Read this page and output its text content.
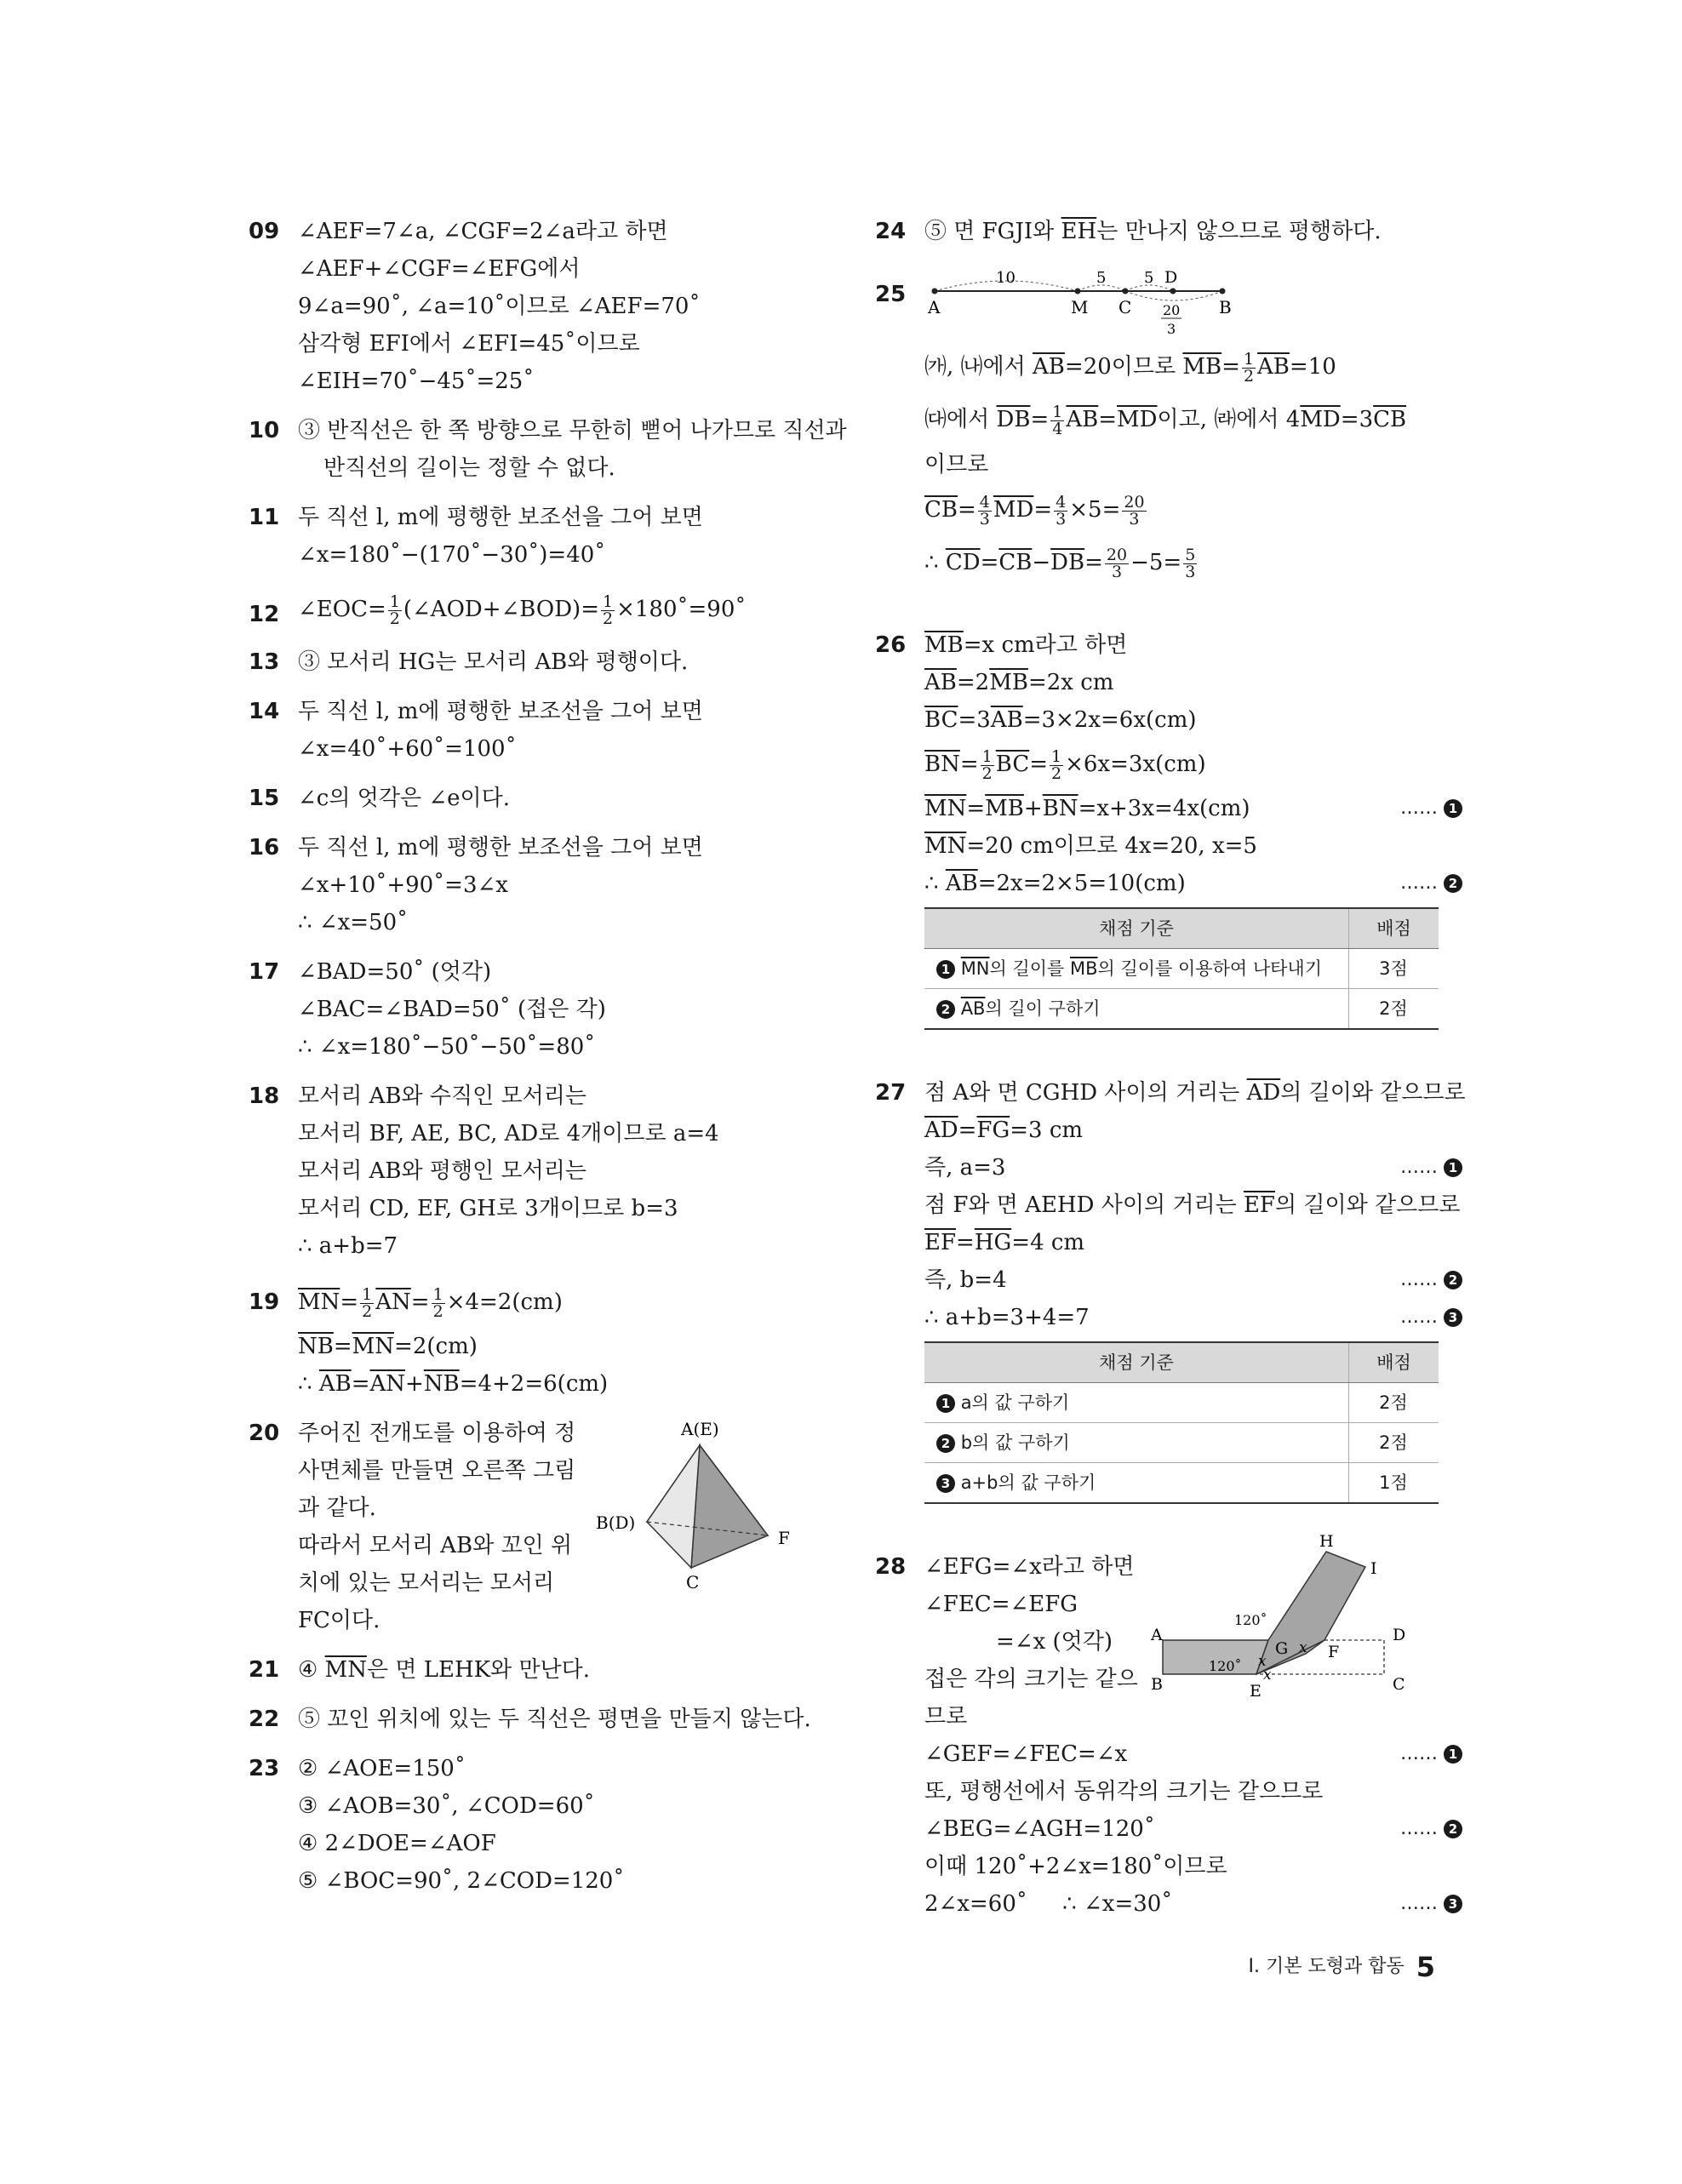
09 ∠AEF=7∠a, ∠CGF=2∠a라고 하면
∠AEF+∠CGF=∠EFG에서
9∠a=90˚, ∠a=10˚이므로 ∠AEF=70˚
삼각형 EFI에서 ∠EFI=45˚이므로
∠EIH=70˚−45˚=25˚
10 ③ 반직선은 한 쪽 방향으로 무한히 뻗어 나가므로 직선과
반직선의 길이는 정할 수 없다.
11 두 직선 l, m에 평행한 보조선을 그어 보면
∠x=180˚−(170˚−30˚)=40˚
12 ∠EOC= $\frac{1}{2}$ (∠AOD+∠BOD)= $\frac{1}{2}$ ×180˚=90˚
13 ③ 모서리 HG는 모서리 AB와 평행이다.
14 두 직선 l, m에 평행한 보조선을 그어 보면
∠x=40˚+60˚=100˚
15 ∠c의 엇각은 ∠e이다.
16 두 직선 l, m에 평행한 보조선을 그어 보면
∠x+10˚+90˚=3∠x
∴ ∠x=50˚
17 ∠BAD=50˚ (엇각)
∠BAC=∠BAD=50˚ (접은 각)
∴ ∠x=180˚−50˚−50˚=80˚
18 모서리 AB와 수직인 모서리는
모서리 BF, AE, BC, AD로 4개이므로 a=4
모서리 AB와 평행인 모서리는
모서리 CD, EF, GH로 3개이므로 b=3
∴ a+b=7
19 $\overline{MN}= \frac{1}{2} \overline{AN}= \frac{1}{2} \times 4=2(cm)$
$\overline{NB}=\overline{MN}=2(cm)$
∴ $\overline{AB}=\overline{AN}+\overline{NB}=4+2=6(cm)$
20 주어진 전개도를 이용하여 정
사면체를 만들면 오른쪽 그림
과 같다.
따라서 모서리 AB와 꼬인 위
치에 있는 모서리는 모서리
FC이다.
A(E)
B(D)
F
C
21 ④ $\overline{MN}$은 면 LEHK와 만난다.
22 ⑤ 꼬인 위치에 있는 두 직선은 평면을 만들지 않는다.
23 ② ∠AOE=150˚
③ ∠AOB=30˚, ∠COD=60˚
④ 2∠DOE=∠AOF
⑤ ∠BOC=90˚, 2∠COD=120˚
24 ⑤ 면 FGJI와 $\overline{EH}$는 만나지 않으므로 평행하다.
25
10	5 5 D
A	M C	B
20
3
㈎, ㈏에서 $\overline{AB}=20$이므로 $\overline{MB}= \frac{1}{2} \overline{AB}=10$
㈐에서 $\overline{DB}= \frac{1}{4} \overline{AB}=\overline{MD}$이고, ㈑에서 $4\overline{MD}=3\overline{CB}$
이므로
$\overline{CB}= \frac{4}{3} \overline{MD}= \frac{4}{3} \times 5= \frac{20}{3}$
∴ $\overline{CD}=\overline{CB}-\overline{DB}= \frac{20}{3} -5= \frac{5}{3}$
26 $\overline{MB}=x$ cm라고 하면
$\overline{AB}=2\overline{MB}=2x$ cm
$\overline{BC}=3\overline{AB}=3\times 2x=6x(cm)$
$\overline{BN}= \frac{1}{2} \overline{BC}= \frac{1}{2} \times 6x=3x(cm)$
$\overline{MN}=\overline{MB}+\overline{BN}=x+3x=4x(cm)$	…… 1
$\overline{MN}=20$ cm이므로 4x=20, x=5
∴ $\overline{AB}=2x=2\times 5=10(cm)$	…… 2
채점 기준	배점
1 $\overline{MN}$의 길이를 $\overline{MB}$의 길이를 이용하여 나타내기	3점
2 $\overline{AB}$의 길이 구하기	2점
27 점 A와 면 CGHD 사이의 거리는 $\overline{AD}$의 길이와 같으므로
$\overline{AD}=\overline{FG}=3$ cm
즉, a=3	…… 1
점 F와 면 AEHD 사이의 거리는 $\overline{EF}$의 길이와 같으므로
$\overline{EF}=\overline{HG}=4$ cm
즉, b=4	…… 2
∴ a+b=3+4=7	…… 3
채점 기준	배점
1 a의 값 구하기	2점
2 b의 값 구하기	2점
3 a+b의 값 구하기	1점
28 ∠EFG=∠x라고 하면
∠FEC=∠EFG
=∠x (엇각)
접은 각의 크기는 같으
므로
∠GEF=∠FEC=∠x	…… 1
또, 평행선에서 동위각의 크기는 같으므로
∠BEG=∠AGH=120˚	…… 2
이때 120˚+2∠x=180˚이므로
2∠x=60˚     ∴ ∠x=30˚	…… 3
A
B	C
D
E
F
G
H
I
120˚
120˚
x
x
x
I. 기본 도형과 합동 5
